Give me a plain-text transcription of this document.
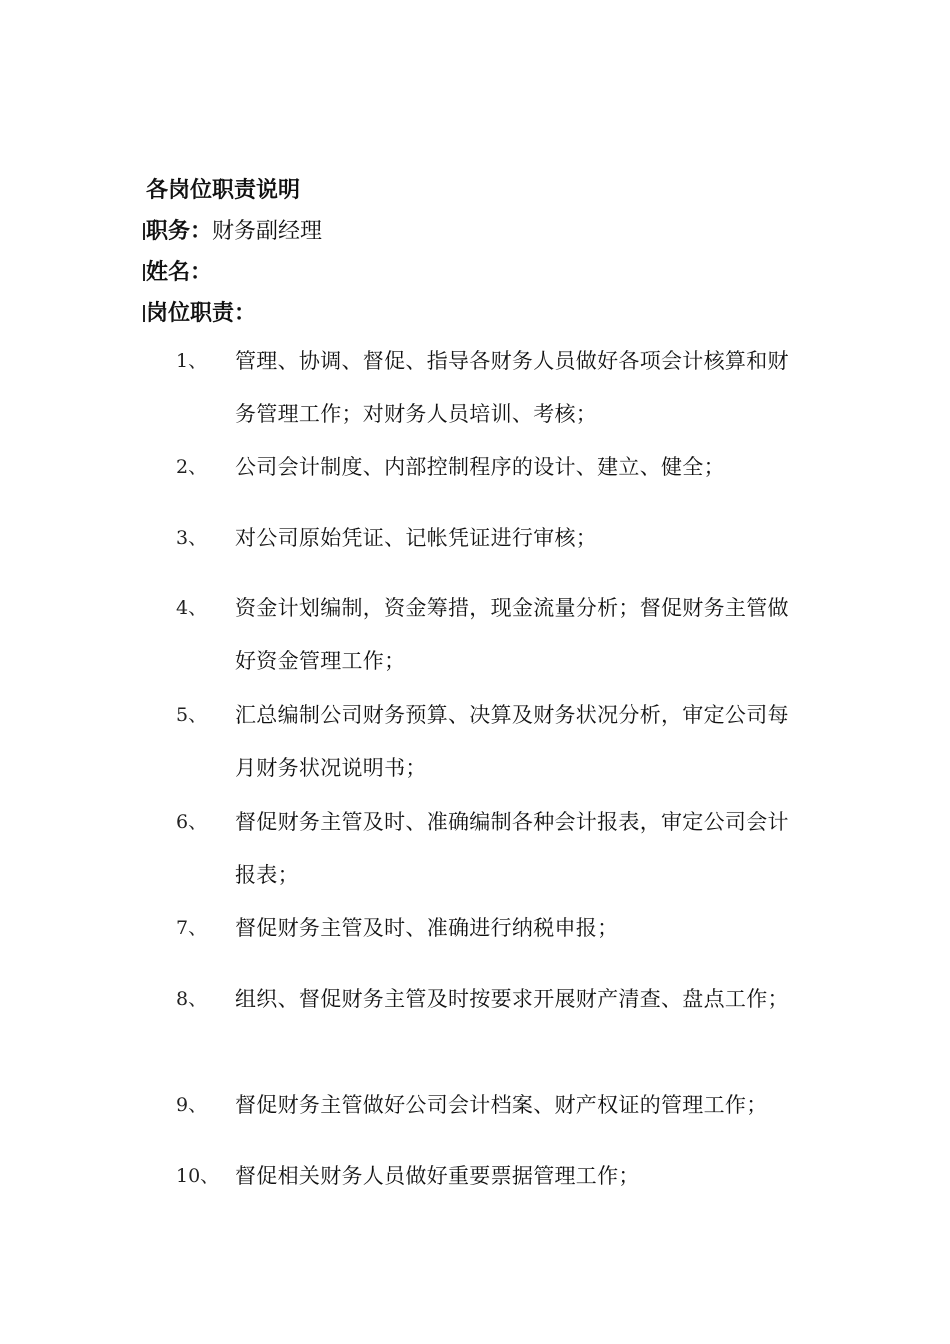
各岗位职责说明
职务：财务副经理
姓名：
岗位职责：
1、 管理、协调、督促、指导各财务人员做好各项会计核算和财务管理工作；对财务人员培训、考核；
2、 公司会计制度、内部控制程序的设计、建立、健全；
3、 对公司原始凭证、记帐凭证进行审核；
4、 资金计划编制，资金筹措，现金流量分析；督促财务主管做好资金管理工作；
5、 汇总编制公司财务预算、决算及财务状况分析，审定公司每月财务状况说明书；
6、 督促财务主管及时、准确编制各种会计报表，审定公司会计报表；
7、 督促财务主管及时、准确进行纳税申报；
8、 组织、督促财务主管及时按要求开展财产清查、盘点工作；
9、 督促财务主管做好公司会计档案、财产权证的管理工作；
10、 督促相关财务人员做好重要票据管理工作；
